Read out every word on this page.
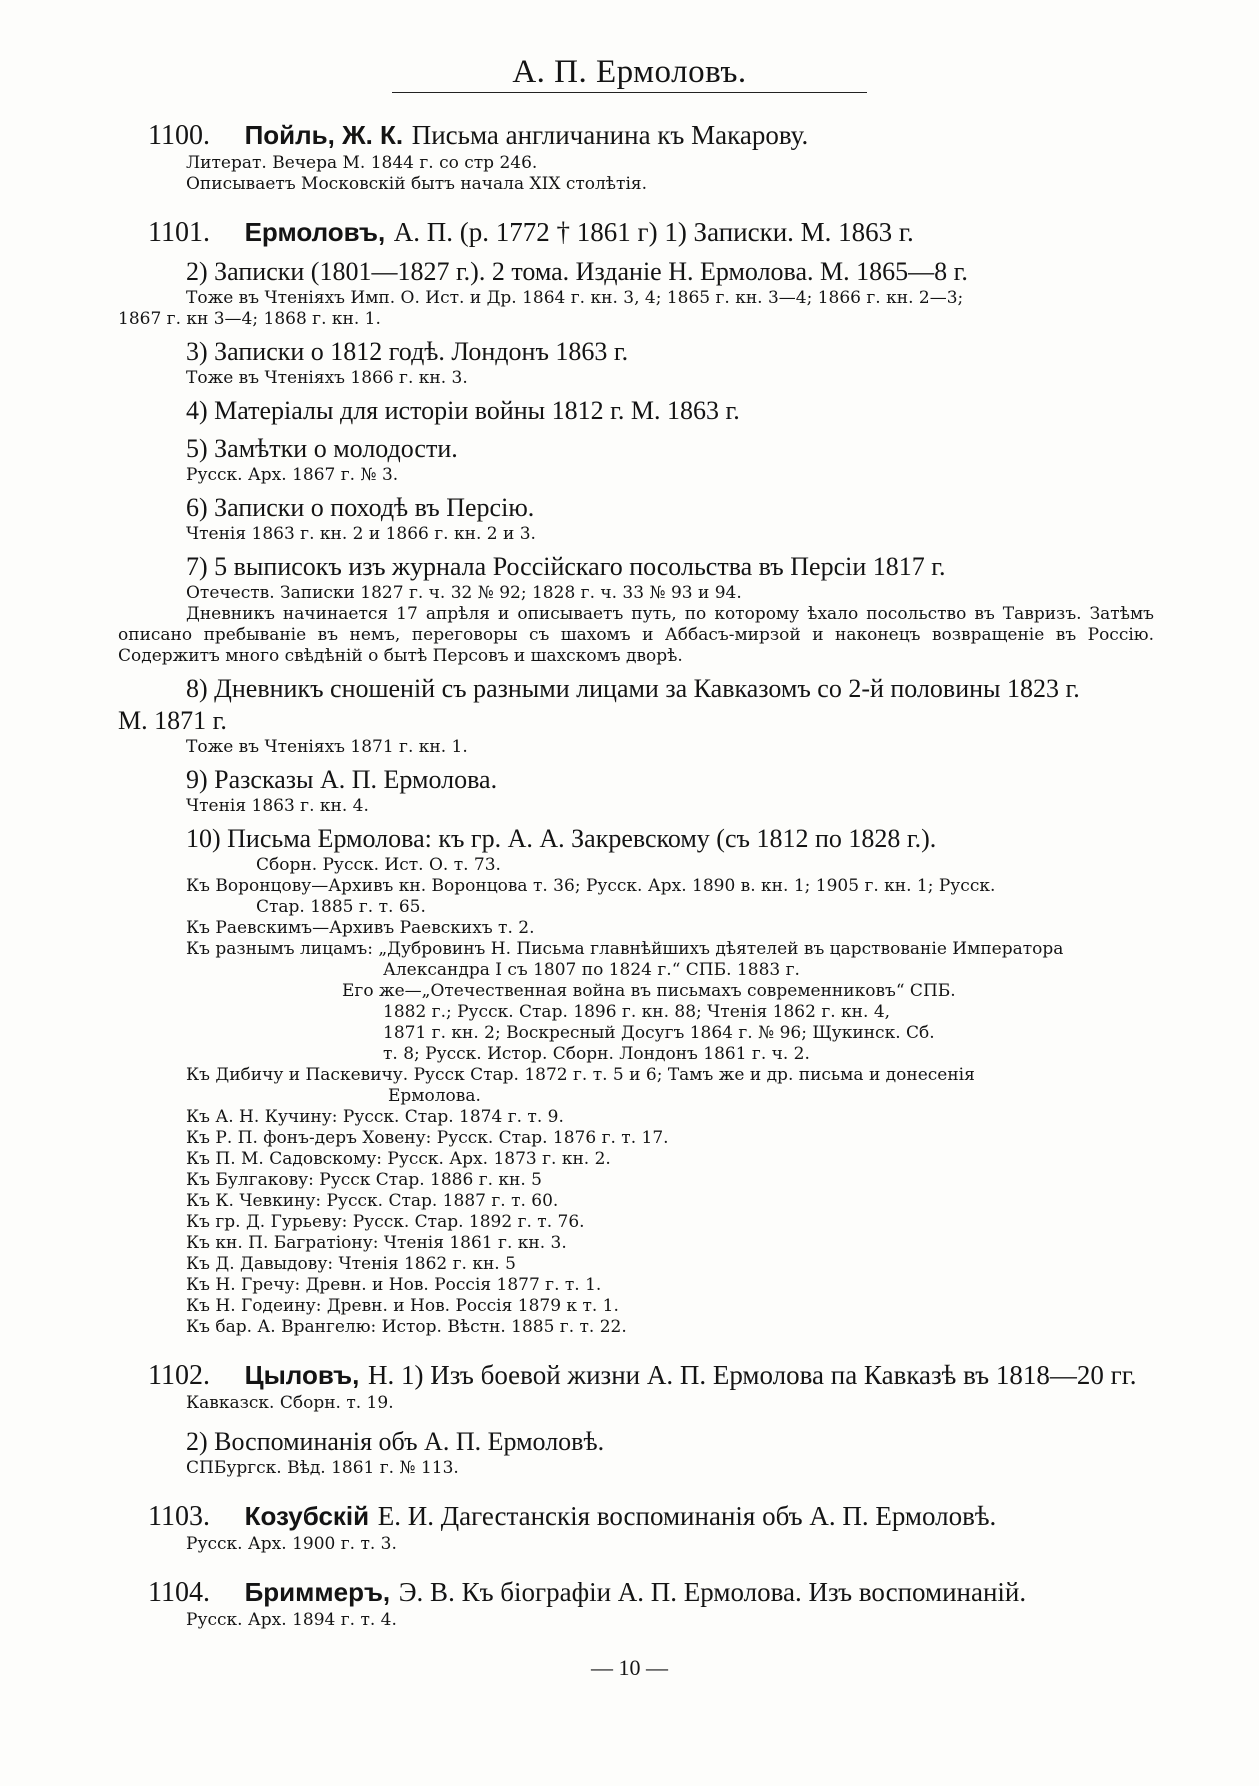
А. П. Ермоловъ.
1100. Пойль, Ж. К. Письма англичанина къ Макарову.
Литерат. Вечера М. 1844 г. со стр 246.
Описываетъ Московскій бытъ начала XIX столѣтія.
1101. Ермоловъ, А. П. (р. 1772 † 1861 г) 1) Записки. М. 1863 г.
2) Записки (1801—1827 г.). 2 тома. Изданіе Н. Ермолова. М. 1865—8 г.
Тоже въ Чтеніяхъ Имп. О. Ист. и Др. 1864 г. кн. 3, 4; 1865 г. кн. 3—4; 1866 г. кн. 2—3;
1867 г. кн 3—4; 1868 г. кн. 1.
3) Записки о 1812 годѣ. Лондонъ 1863 г.
Тоже въ Чтеніяхъ 1866 г. кн. 3.
4) Матеріалы для исторіи войны 1812 г. М. 1863 г.
5) Замѣтки о молодости.
Русск. Арх. 1867 г. № 3.
6) Записки о походѣ въ Персію.
Чтенія 1863 г. кн. 2 и 1866 г. кн. 2 и 3.
7) 5 выписокъ изъ журнала Россійскаго посольства въ Персіи 1817 г.
Отечеств. Записки 1827 г. ч. 32 № 92; 1828 г. ч. 33 № 93 и 94.
Дневникъ начинается 17 апрѣля и описываетъ путь, по которому ѣхало посольство въ Тавризъ. Затѣмъ описано пребываніе въ немъ, переговоры съ шахомъ и Аббасъ-мирзой и наконецъ возвращеніе въ Россію. Содержитъ много свѣдѣній о бытѣ Персовъ и шахскомъ дворѣ.
8) Дневникъ сношеній съ разными лицами за Кавказомъ со 2-й половины 1823 г.
М. 1871 г.
Тоже въ Чтеніяхъ 1871 г. кн. 1.
9) Разсказы А. П. Ермолова.
Чтенія 1863 г. кн. 4.
10) Письма Ермолова: къ гр. А. А. Закревскому (съ 1812 по 1828 г.).
Сборн. Русск. Ист. О. т. 73.
Къ Воронцову—Архивъ кн. Воронцова т. 36; Русск. Арх. 1890 в. кн. 1; 1905 г. кн. 1; Русск.
Стар. 1885 г. т. 65.
Къ Раевскимъ—Архивъ Раевскихъ т. 2.
Къ разнымъ лицамъ: „Дубровинъ Н. Письма главнѣйшихъ дѣятелей въ царствованіе Императора
Александра I съ 1807 по 1824 г.“ СПБ. 1883 г.
Его же—„Отечественная война въ письмахъ современниковъ“ СПБ.
1882 г.; Русск. Стар. 1896 г. кн. 88; Чтенія 1862 г. кн. 4,
1871 г. кн. 2; Воскресный Досугъ 1864 г. № 96; Щукинск. Сб.
т. 8; Русск. Истор. Сборн. Лондонъ 1861 г. ч. 2.
Къ Дибичу и Паскевичу. Русск Стар. 1872 г. т. 5 и 6; Тамъ же и др. письма и донесенія
Ермолова.
Къ А. Н. Кучину: Русск. Стар. 1874 г. т. 9.
Къ Р. П. фонъ-деръ Ховену: Русск. Стар. 1876 г. т. 17.
Къ П. М. Садовскому: Русск. Арх. 1873 г. кн. 2.
Къ Булгакову: Русск Стар. 1886 г. кн. 5
Къ К. Чевкину: Русск. Стар. 1887 г. т. 60.
Къ гр. Д. Гурьеву: Русск. Стар. 1892 г. т. 76.
Къ кн. П. Багратіону: Чтенія 1861 г. кн. 3.
Къ Д. Давыдову: Чтенія 1862 г. кн. 5
Къ Н. Гречу: Древн. и Нов. Россія 1877 г. т. 1.
Къ Н. Годеину: Древн. и Нов. Россія 1879 к т. 1.
Къ бар. А. Врангелю: Истор. Вѣстн. 1885 г. т. 22.
1102. Цыловъ, Н. 1) Изъ боевой жизни А. П. Ермолова па Кавказѣ въ 1818—20 гг.
Кавказск. Сборн. т. 19.
2) Воспоминанія объ А. П. Ермоловѣ.
СПБургск. Вѣд. 1861 г. № 113.
1103. Козубскій Е. И. Дагестанскія воспоминанія объ А. П. Ермоловѣ.
Русск. Арх. 1900 г. т. 3.
1104. Бриммеръ, Э. В. Къ біографіи А. П. Ермолова. Изъ воспоминаній.
Русск. Арх. 1894 г. т. 4.
— 10 —
